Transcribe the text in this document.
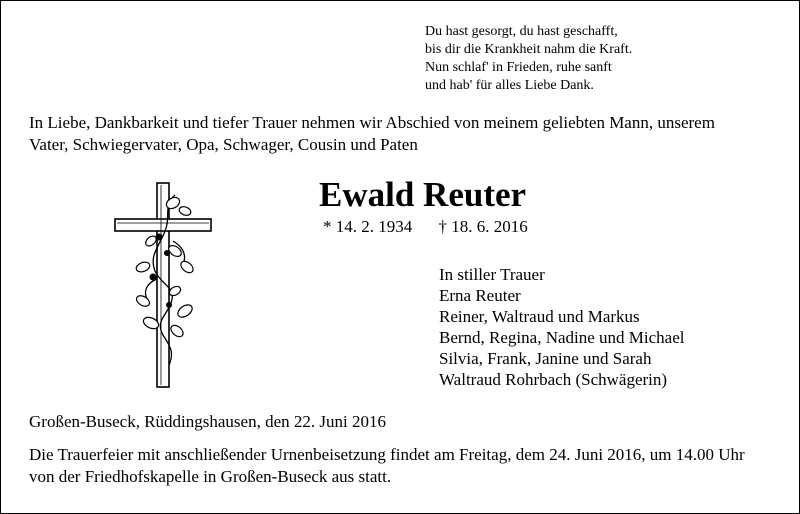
Du hast gesorgt, du hast geschafft,
bis dir die Krankheit nahm die Kraft.
Nun schlaf' in Frieden, ruhe sanft
und hab' für alles Liebe Dank.
In Liebe, Dankbarkeit und tiefer Trauer nehmen wir Abschied von meinem geliebten Mann, unserem
Vater, Schwiegervater, Opa, Schwager, Cousin und Paten
Ewald Reuter
* 14. 2. 1934 † 18. 6. 2016
In stiller Trauer
Erna Reuter
Reiner, Waltraud und Markus
Bernd, Regina, Nadine und Michael
Silvia, Frank, Janine und Sarah
Waltraud Rohrbach (Schwägerin)
Großen-Buseck, Rüddingshausen, den 22. Juni 2016
Die Trauerfeier mit anschließender Urnenbeisetzung findet am Freitag, dem 24. Juni 2016, um 14.00 Uhr
von der Friedhofskapelle in Großen-Buseck aus statt.
